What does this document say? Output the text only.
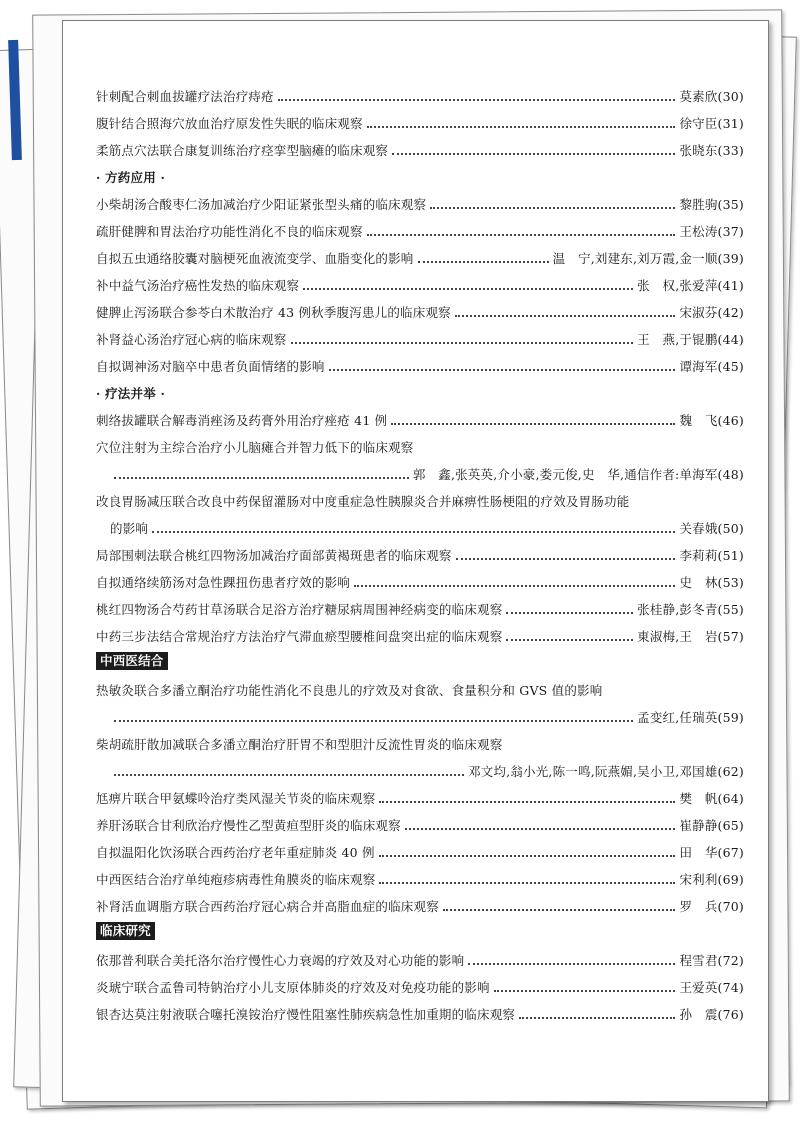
针刺配合刺血拔罐疗法治疗痔疮	莫素欣(30)
腹针结合照海穴放血治疗原发性失眠的临床观察	徐守臣(31)
柔筋点穴法联合康复训练治疗痉挛型脑瘫的临床观察	张晓东(33)
· 方药应用 ·
小柴胡汤合酸枣仁汤加减治疗少阳证紧张型头痛的临床观察	黎胜驹(35)
疏肝健脾和胃法治疗功能性消化不良的临床观察	王松涛(37)
自拟五虫通络胶囊对脑梗死血液流变学、血脂变化的影响	温　宁,刘建东,刘万霞,金一顺(39)
补中益气汤治疗癌性发热的临床观察	张　权,张爱萍(41)
健脾止泻汤联合参苓白术散治疗 43 例秋季腹泻患儿的临床观察	宋淑芬(42)
补肾益心汤治疗冠心病的临床观察	王　燕,于锟鹏(44)
自拟调神汤对脑卒中患者负面情绪的影响	谭海军(45)
· 疗法并举 ·
刺络拔罐联合解毒消痤汤及药膏外用治疗痤疮 41 例	魏　飞(46)
穴位注射为主综合治疗小儿脑瘫合并智力低下的临床观察
郭　鑫,张英英,介小豪,娄元俊,史　华,通信作者:单海军(48)
改良胃肠减压联合改良中药保留灌肠对中度重症急性胰腺炎合并麻痹性肠梗阻的疗效及胃肠功能
的影响	关春娥(50)
局部围刺法联合桃红四物汤加减治疗面部黄褐斑患者的临床观察	李莉莉(51)
自拟通络续筋汤对急性踝扭伤患者疗效的影响	史　林(53)
桃红四物汤合芍药甘草汤联合足浴方治疗糖尿病周围神经病变的临床观察	张桂静,彭冬青(55)
中药三步法结合常规治疗方法治疗气滞血瘀型腰椎间盘突出症的临床观察	東淑梅,王　岩(57)
中西医结合
热敏灸联合多潘立酮治疗功能性消化不良患儿的疗效及对食欲、食量积分和 GVS 值的影响
孟变红,任瑞英(59)
柴胡疏肝散加减联合多潘立酮治疗肝胃不和型胆汁反流性胃炎的临床观察
邓文均,翁小光,陈一鸣,阮燕媚,吴小卫,邓国雄(62)
尪痹片联合甲氨蝶呤治疗类风湿关节炎的临床观察	樊　帆(64)
养肝汤联合甘利欣治疗慢性乙型黄疸型肝炎的临床观察	崔静静(65)
自拟温阳化饮汤联合西药治疗老年重症肺炎 40 例	田　华(67)
中西医结合治疗单纯疱疹病毒性角膜炎的临床观察	宋利利(69)
补肾活血调脂方联合西药治疗冠心病合并高脂血症的临床观察	罗　兵(70)
临床研究
依那普利联合美托洛尔治疗慢性心力衰竭的疗效及对心功能的影响	程雪君(72)
炎琥宁联合孟鲁司特钠治疗小儿支原体肺炎的疗效及对免疫功能的影响	王爱英(74)
银杏达莫注射液联合噻托溴铵治疗慢性阻塞性肺疾病急性加重期的临床观察	孙　震(76)
